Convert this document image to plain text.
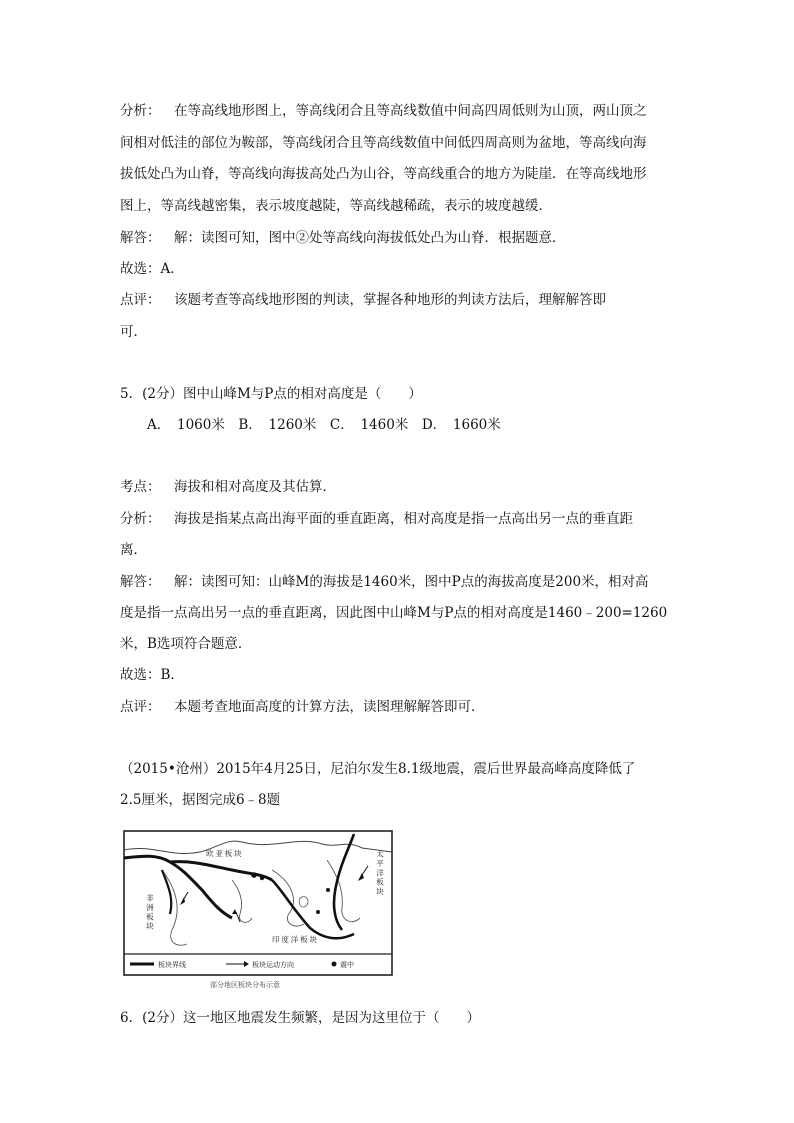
分析： 在等高线地形图上，等高线闭合且等高线数值中间高四周低则为山顶，两山顶之
间相对低洼的部位为鞍部，等高线闭合且等高线数值中间低四周高则为盆地，等高线向海
拔低处凸为山脊，等高线向海拔高处凸为山谷，等高线重合的地方为陡崖．在等高线地形
图上，等高线越密集，表示坡度越陡，等高线越稀疏，表示的坡度越缓．
解答： 解：读图可知，图中②处等高线向海拔低处凸为山脊．根据题意．
故选：A．
点评： 该题考查等高线地形图的判读，掌握各种地形的判读方法后，理解解答即
可．
5．(2分）图中山峰M与P点的相对高度是（　　）
A．　1060米　B．　1260米　C．　1460米　D．　1660米
考点： 海拔和相对高度及其估算．
分析： 海拔是指某点高出海平面的垂直距离，相对高度是指一点高出另一点的垂直距
离．
解答： 解：读图可知：山峰M的海拔是1460米，图中P点的海拔高度是200米，相对高
度是指一点高出另一点的垂直距离，因此图中山峰M与P点的相对高度是1460﹣200=1260
米，B选项符合题意．
故选：B．
点评： 本题考查地面高度的计算方法，读图理解解答即可．
（2015•沧州）2015年4月25日，尼泊尔发生8.1级地震，震后世界最高峰高度降低了
2.5厘米，据图完成6﹣8题
欧 亚 板 块
非 洲 板 块
太 平 洋 板 块
印 度 洋 板 块
板块界线	板块运动方向	震中
部分地区板块分布示意
6．(2分）这一地区地震发生频繁，是因为这里位于（　　）
